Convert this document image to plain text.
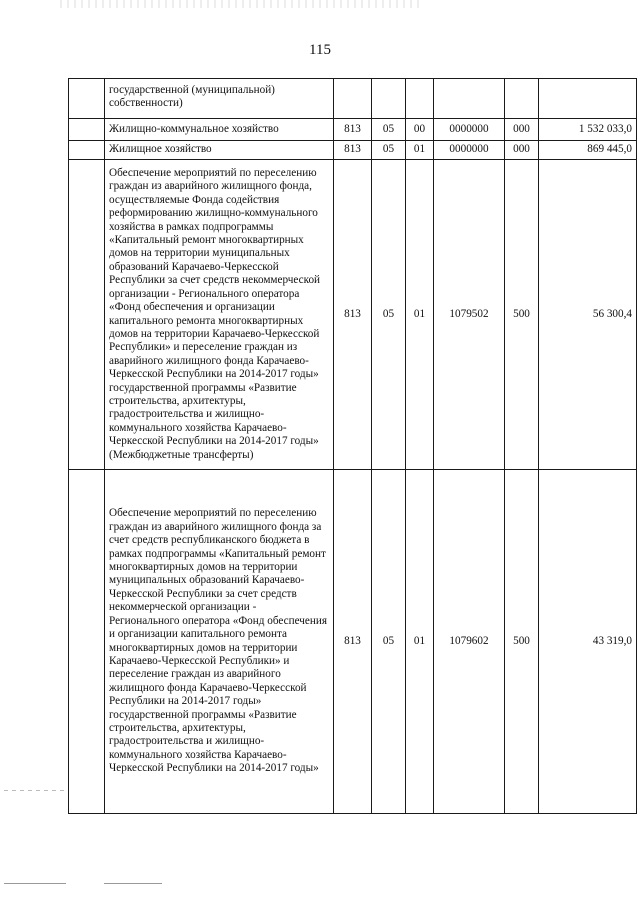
115
	государственной (муниципальной) собственности)						
	Жилищно-коммунальное хозяйство	813	05	00	0000000	000	1 532 033,0
	Жилищное хозяйство	813	05	01	0000000	000	869 445,0
	Обеспечение мероприятий по переселению граждан из аварийного жилищного фонда, осуществляемые Фонда содействия реформированию жилищно-коммунального хозяйства в рамках подпрограммы «Капитальный ремонт многоквартирных домов на территории муниципальных образований Карачаево-Черкесской Республики за счет средств некоммерческой организации - Регионального оператора «Фонд обеспечения и организации капитального ремонта многоквартирных домов на территории Карачаево-Черкесской Республики» и переселение граждан из аварийного жилищного фонда Карачаево-Черкесской Республики на 2014-2017 годы» государственной программы «Развитие строительства, архитектуры, градостроительства и жилищно-коммунального хозяйства Карачаево-Черкесской Республики на 2014-2017 годы» (Межбюджетные трансферты)	813	05	01	1079502	500	56 300,4
	Обеспечение мероприятий по переселению граждан из аварийного жилищного фонда за счет средств республиканского бюджета в рамках подпрограммы «Капитальный ремонт многоквартирных домов на территории муниципальных образований Карачаево-Черкесской Республики за счет средств некоммерческой организации - Регионального оператора «Фонд обеспечения и организации капитального ремонта многоквартирных домов на территории Карачаево-Черкесской Республики» и переселение граждан из аварийного жилищного фонда Карачаево-Черкесской Республики на 2014-2017 годы» государственной программы «Развитие строительства, архитектуры, градостроительства и жилищно-коммунального хозяйства Карачаево-Черкесской Республики на 2014-2017 годы»	813	05	01	1079602	500	43 319,0
